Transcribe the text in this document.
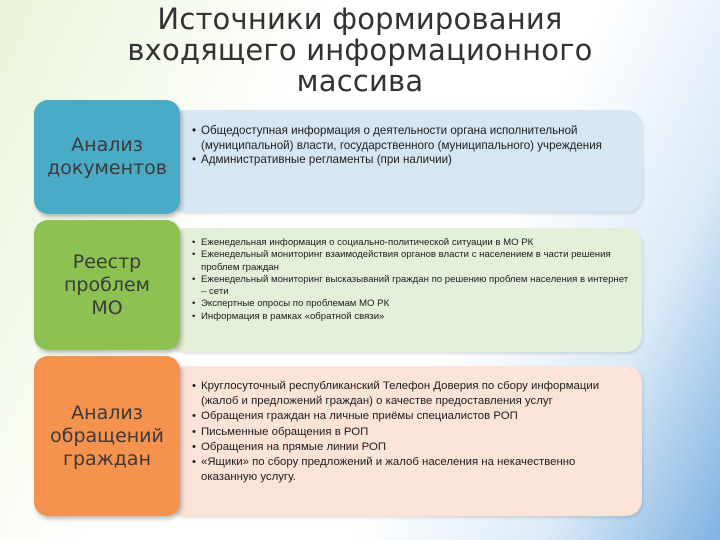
Источники формирования
входящего информационного
массива
• Общедоступная информация о деятельности органа исполнительной (муниципальной) власти, государственного (муниципального) учреждения
• Административные регламенты (при наличии)
Анализ
документов
• Еженедельная информация о социально-политической ситуации в МО РК
• Еженедельный мониторинг взаимодействия органов власти с населением в части решения проблем граждан
• Еженедельный мониторинг высказываний граждан по решению проблем населения в интернет – сети
• Экспертные опросы по проблемам МО РК
• Информация в рамках «обратной связи»
Реестр
проблем
МО
• Круглосуточный республиканский Телефон Доверия по сбору информации (жалоб и предложений граждан) о качестве предоставления услуг
• Обращения граждан на личные приёмы специалистов РОП
• Письменные обращения в РОП
• Обращения на прямые линии РОП
• «Ящики» по сбору предложений и жалоб населения на некачественно оказанную услугу.
Анализ
обращений
граждан
